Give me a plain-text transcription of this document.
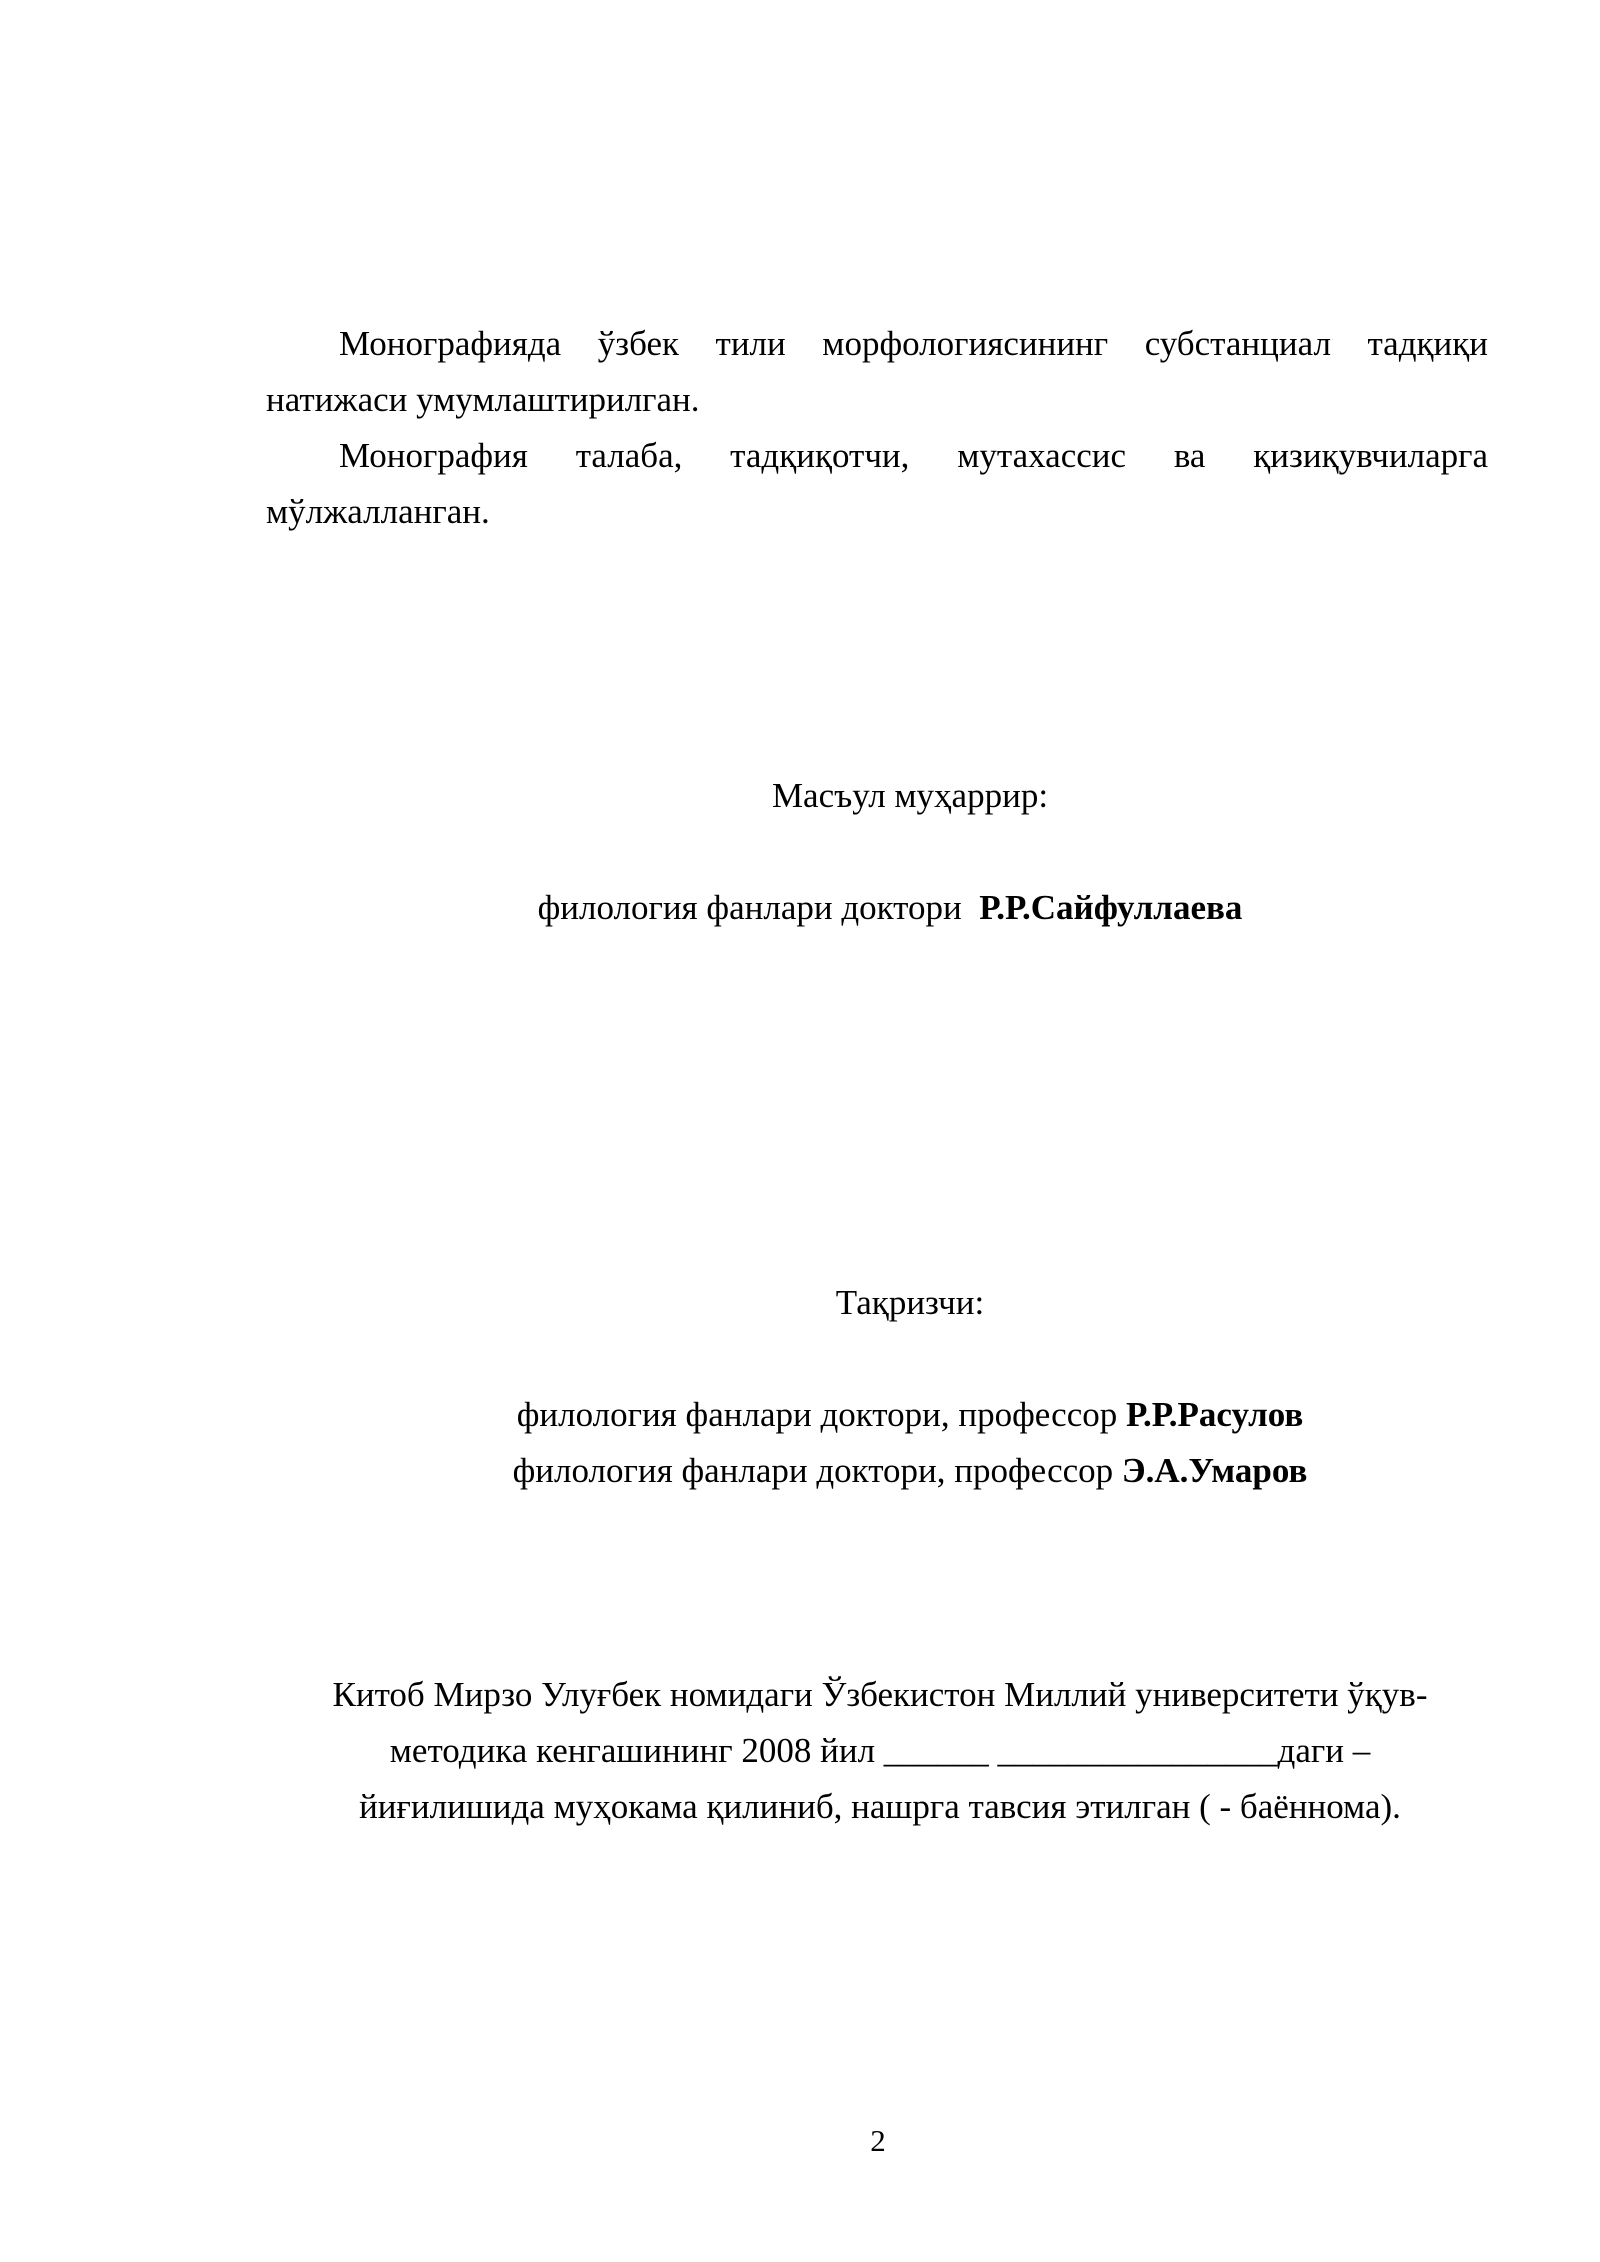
Монографияда ўзбек тили морфологиясининг субстанциал тадқиқи натижаси умумлаштирилган.

Монография талаба, тадқиқотчи, мутахассис ва қизиқувчиларга мўлжалланган.

Масъул муҳаррир:

филология фанлари доктори Р.Р.Сайфуллаева

Тақризчи:

филология фанлари доктори, профессор Р.Р.Расулов

филология фанлари доктори, профессор Э.А.Умаров

Китоб Мирзо Улуғбек номидаги Ўзбекистон Миллий университети ўқув-

методика кенгашининг 2008 йил ______ ________________даги –

йиғилишида муҳокама қилиниб, нашрга тавсия этилган ( - баённома).

2
